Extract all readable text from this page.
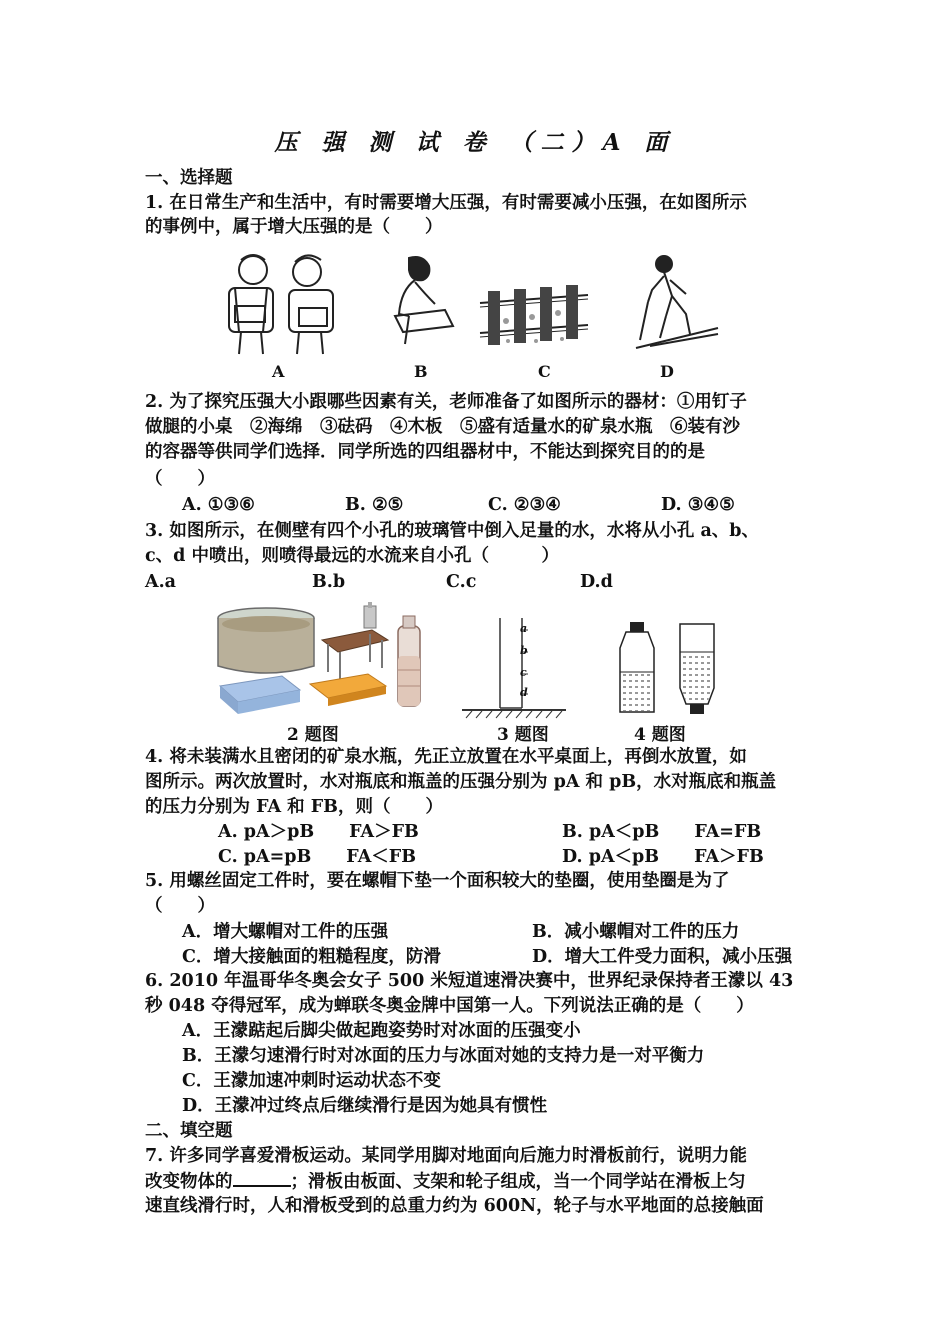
压 强 测 试 卷 （二）A 面
一、选择题
1. 在日常生产和生活中，有时需要增大压强，有时需要减小压强，在如图所示
的事例中，属于增大压强的是（　　）
A	B	C	D
2. 为了探究压强大小跟哪些因素有关，老师准备了如图所示的器材：①用钉子
做腿的小桌　②海绵　③砝码　④木板　⑤盛有适量水的矿泉水瓶　⑥装有沙
的容器等供同学们选择．同学所选的四组器材中，不能达到探究目的的是
（　　）
A. ①③⑥	B. ②⑤	C. ②③④	D. ③④⑤
3. 如图所示，在侧壁有四个小孔的玻璃管中倒入足量的水，水将从小孔 a、b、
c、d 中喷出，则喷得最远的水流来自小孔（　　　）
A.a	B.b	C.c	D.d
a
b
c
d
2 题图	3 题图	4 题图
4. 将未装满水且密闭的矿泉水瓶，先正立放置在水平桌面上，再倒水放置，如
图所示。两次放置时，水对瓶底和瓶盖的压强分别为 pA 和 pB，水对瓶底和瓶盖
的压力分别为 FA 和 FB，则（　　）
A. pA＞pB　　FA＞FB	B. pA＜pB　　FA=FB
C. pA=pB　　FA＜FB	D. pA＜pB　　FA＞FB
5. 用螺丝固定工件时，要在螺帽下垫一个面积较大的垫圈，使用垫圈是为了
（　　）
A．增大螺帽对工件的压强	B．减小螺帽对工件的压力
C．增大接触面的粗糙程度，防滑	D．增大工件受力面积，减小压强
6. 2010 年温哥华冬奥会女子 500 米短道速滑决赛中，世界纪录保持者王濛以 43
秒 048 夺得冠军，成为蝉联冬奥金牌中国第一人。下列说法正确的是（　　）
A．王濛踮起后脚尖做起跑姿势时对冰面的压强变小
B．王濛匀速滑行时对冰面的压力与冰面对她的支持力是一对平衡力
C．王濛加速冲刺时运动状态不变
D．王濛冲过终点后继续滑行是因为她具有惯性
二、填空题
7. 许多同学喜爱滑板运动。某同学用脚对地面向后施力时滑板前行，说明力能
改变物体的	；滑板由板面、支架和轮子组成，当一个同学站在滑板上匀
速直线滑行时，人和滑板受到的总重力约为 600N，轮子与水平地面的总接触面
